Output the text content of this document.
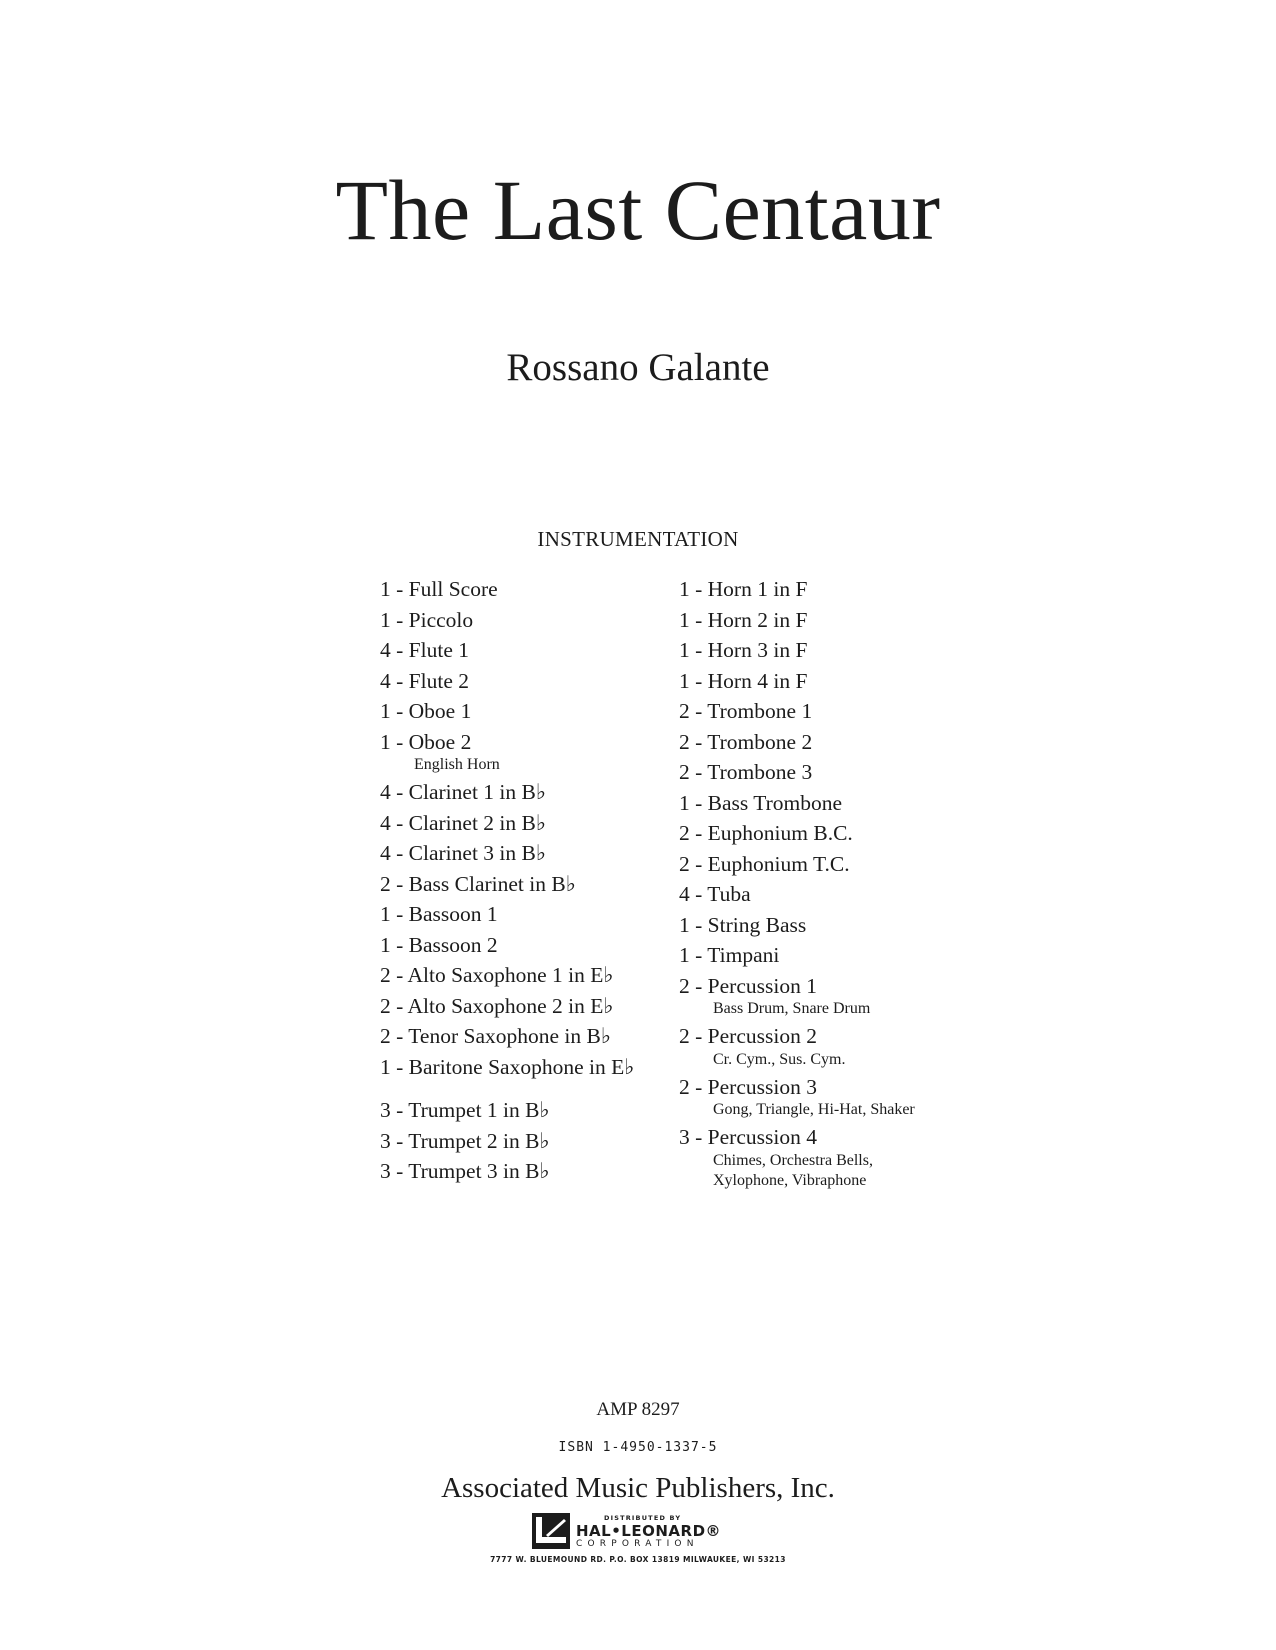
The Last Centaur
Rossano Galante
INSTRUMENTATION
1 - Full Score
1 - Piccolo
4 - Flute 1
4 - Flute 2
1 - Oboe 1
1 - Oboe 2
English Horn
4 - Clarinet 1 in B♭
4 - Clarinet 2 in B♭
4 - Clarinet 3 in B♭
2 - Bass Clarinet in B♭
1 - Bassoon 1
1 - Bassoon 2
2 - Alto Saxophone 1 in E♭
2 - Alto Saxophone 2 in E♭
2 - Tenor Saxophone in B♭
1 - Baritone Saxophone in E♭
3 - Trumpet 1 in B♭
3 - Trumpet 2 in B♭
3 - Trumpet 3 in B♭
1 - Horn 1 in F
1 - Horn 2 in F
1 - Horn 3 in F
1 - Horn 4 in F
2 - Trombone 1
2 - Trombone 2
2 - Trombone 3
1 - Bass Trombone
2 - Euphonium B.C.
2 - Euphonium T.C.
4 - Tuba
1 - String Bass
1 - Timpani
2 - Percussion 1
Bass Drum, Snare Drum
2 - Percussion 2
Cr. Cym., Sus. Cym.
2 - Percussion 3
Gong, Triangle, Hi-Hat, Shaker
3 - Percussion 4
Chimes, Orchestra Bells,
Xylophone, Vibraphone
AMP 8297
ISBN 1-4950-1337-5
Associated Music Publishers, Inc.
DISTRIBUTED BY
HAL•LEONARD®
CORPORATION
7777 W. BLUEMOUND RD. P.O. BOX 13819 MILWAUKEE, WI 53213
